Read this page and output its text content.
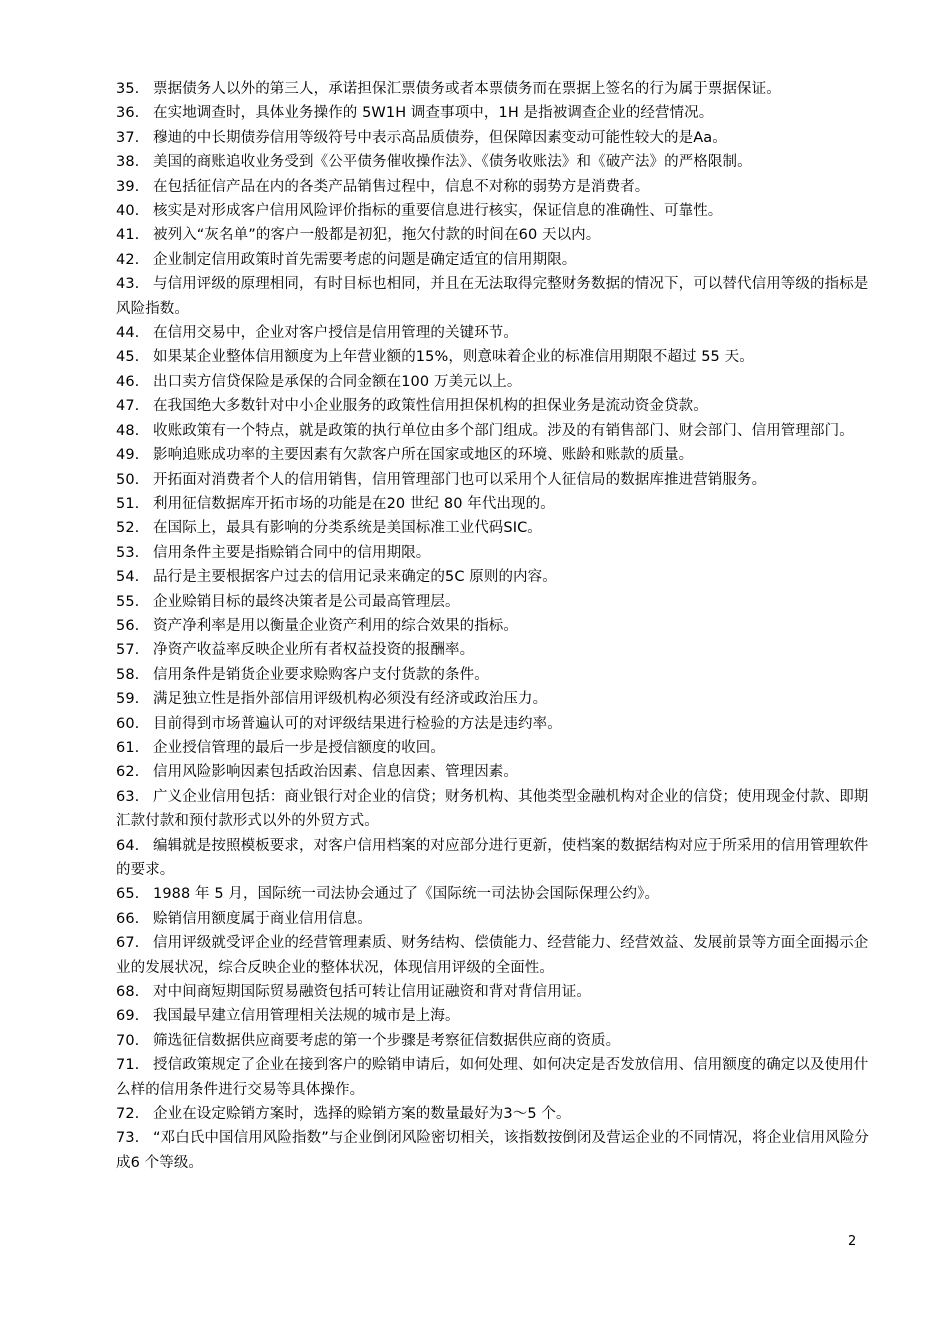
35. 票据债务人以外的第三人，承诺担保汇票债务或者本票债务而在票据上签名的行为属于票据保证。
36. 在实地调查时，具体业务操作的 5W1H 调查事项中，1H 是指被调查企业的经营情况。
37. 穆迪的中长期债券信用等级符号中表示高品质债券，但保障因素变动可能性较大的是Aa。
38. 美国的商账追收业务受到《公平债务催收操作法》、《债务收账法》和《破产法》的严格限制。
39. 在包括征信产品在内的各类产品销售过程中，信息不对称的弱势方是消费者。
40. 核实是对形成客户信用风险评价指标的重要信息进行核实，保证信息的准确性、可靠性。
41. 被列入“灰名单”的客户一般都是初犯，拖欠付款的时间在60 天以内。
42. 企业制定信用政策时首先需要考虑的问题是确定适宜的信用期限。
43. 与信用评级的原理相同，有时目标也相同，并且在无法取得完整财务数据的情况下，可以替代信用等级的指标是风险指数。
44. 在信用交易中，企业对客户授信是信用管理的关键环节。
45. 如果某企业整体信用额度为上年营业额的15%，则意味着企业的标准信用期限不超过 55 天。
46. 出口卖方信贷保险是承保的合同金额在100 万美元以上。
47. 在我国绝大多数针对中小企业服务的政策性信用担保机构的担保业务是流动资金贷款。
48. 收账政策有一个特点，就是政策的执行单位由多个部门组成。涉及的有销售部门、财会部门、信用管理部门。
49. 影响追账成功率的主要因素有欠款客户所在国家或地区的环境、账龄和账款的质量。
50. 开拓面对消费者个人的信用销售，信用管理部门也可以采用个人征信局的数据库推进营销服务。
51. 利用征信数据库开拓市场的功能是在20 世纪 80 年代出现的。
52. 在国际上，最具有影响的分类系统是美国标准工业代码SIC。
53. 信用条件主要是指赊销合同中的信用期限。
54. 品行是主要根据客户过去的信用记录来确定的5C 原则的内容。
55. 企业赊销目标的最终决策者是公司最高管理层。
56. 资产净利率是用以衡量企业资产利用的综合效果的指标。
57. 净资产收益率反映企业所有者权益投资的报酬率。
58. 信用条件是销货企业要求赊购客户支付货款的条件。
59. 满足独立性是指外部信用评级机构必须没有经济或政治压力。
60. 目前得到市场普遍认可的对评级结果进行检验的方法是违约率。
61. 企业授信管理的最后一步是授信额度的收回。
62. 信用风险影响因素包括政治因素、信息因素、管理因素。
63. 广义企业信用包括：商业银行对企业的信贷；财务机构、其他类型金融机构对企业的信贷；使用现金付款、即期汇款付款和预付款形式以外的外贸方式。
64. 编辑就是按照模板要求，对客户信用档案的对应部分进行更新，使档案的数据结构对应于所采用的信用管理软件的要求。
65. 1988 年 5 月，国际统一司法协会通过了《国际统一司法协会国际保理公约》。
66. 赊销信用额度属于商业信用信息。
67. 信用评级就受评企业的经营管理素质、财务结构、偿债能力、经营能力、经营效益、发展前景等方面全面揭示企业的发展状况，综合反映企业的整体状况，体现信用评级的全面性。
68. 对中间商短期国际贸易融资包括可转让信用证融资和背对背信用证。
69. 我国最早建立信用管理相关法规的城市是上海。
70. 筛选征信数据供应商要考虑的第一个步骤是考察征信数据供应商的资质。
71. 授信政策规定了企业在接到客户的赊销申请后，如何处理、如何决定是否发放信用、信用额度的确定以及使用什么样的信用条件进行交易等具体操作。
72. 企业在设定赊销方案时，选择的赊销方案的数量最好为3～5 个。
73. “邓白氏中国信用风险指数”与企业倒闭风险密切相关，该指数按倒闭及营运企业的不同情况，将企业信用风险分成6 个等级。
2
